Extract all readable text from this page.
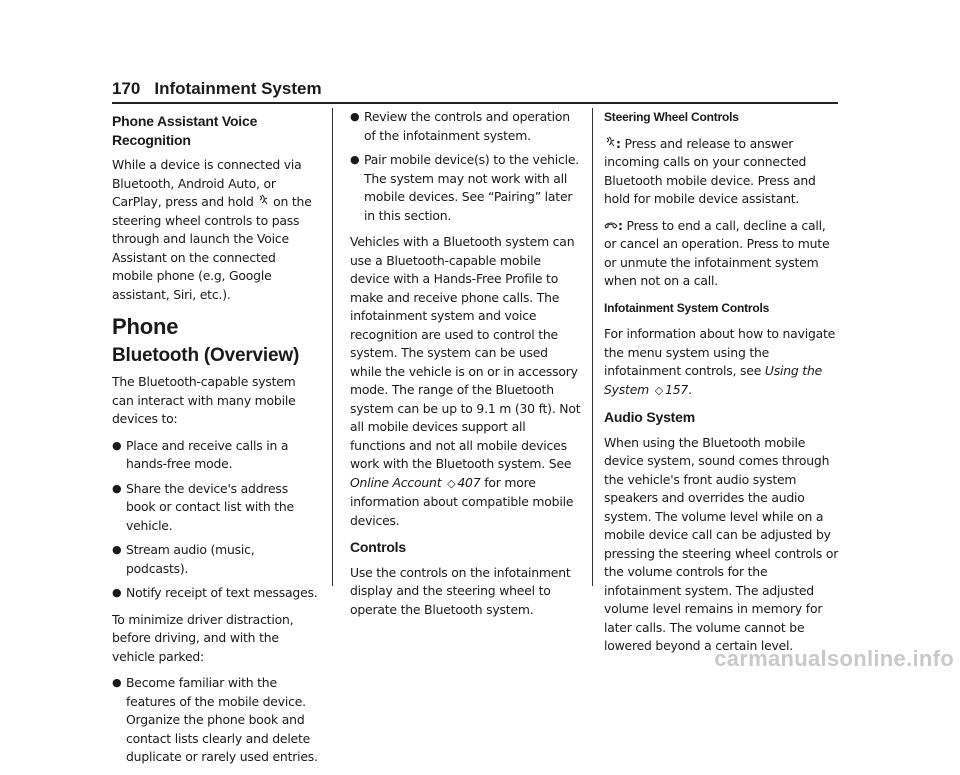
170 Infotainment System
Phone Assistant Voice Recognition

While a device is connected via Bluetooth, Android Auto, or CarPlay, press and hold on the steering wheel controls to pass through and launch the Voice Assistant on the connected mobile phone (e.g, Google assistant, Siri, etc.).

Phone
Bluetooth (Overview)

The Bluetooth-capable system can interact with many mobile devices to:

● Place and receive calls in a hands-free mode.
● Share the device's address book or contact list with the vehicle.
● Stream audio (music, podcasts).
● Notify receipt of text messages.

To minimize driver distraction, before driving, and with the vehicle parked:

● Become familiar with the features of the mobile device. Organize the phone book and contact lists clearly and delete duplicate or rarely used entries.
● Review the controls and operation of the infotainment system.
● Pair mobile device(s) to the vehicle. The system may not work with all mobile devices. See “Pairing” later in this section.

Vehicles with a Bluetooth system can use a Bluetooth-capable mobile device with a Hands-Free Profile to make and receive phone calls. The infotainment system and voice recognition are used to control the system. The system can be used while the vehicle is on or in accessory mode. The range of the Bluetooth system can be up to 9.1 m (30 ft). Not all mobile devices support all functions and not all mobile devices work with the Bluetooth system. See Online Account ◇ 407 for more information about compatible mobile devices.

Controls

Use the controls on the infotainment display and the steering wheel to operate the Bluetooth system.

Steering Wheel Controls

: Press and release to answer incoming calls on your connected Bluetooth mobile device. Press and hold for mobile device assistant.

: Press to end a call, decline a call, or cancel an operation. Press to mute or unmute the infotainment system when not on a call.

Infotainment System Controls

For information about how to navigate the menu system using the infotainment controls, see Using the System ◇ 157.

Audio System

When using the Bluetooth mobile device system, sound comes through the vehicle's front audio system speakers and overrides the audio system. The volume level while on a mobile device call can be adjusted by pressing the steering wheel controls or the volume controls for the infotainment system. The adjusted volume level remains in memory for later calls. The volume cannot be lowered beyond a certain level.

carmanualsonline.info
